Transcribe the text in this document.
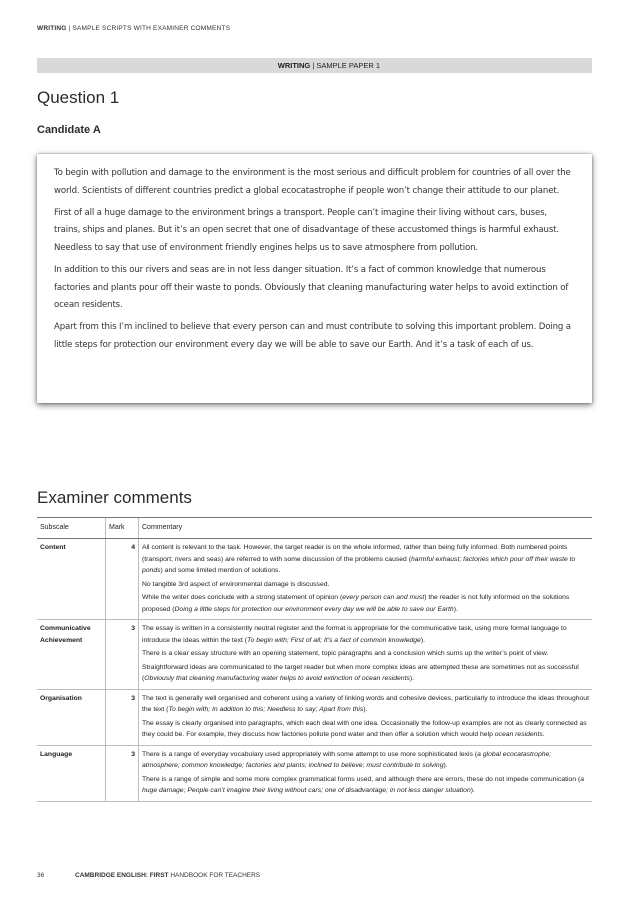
WRITING | SAMPLE SCRIPTS WITH EXAMINER COMMENTS
WRITING | SAMPLE PAPER 1
Question 1
Candidate A

To begin with pollution and damage to the environment is the most serious and difficult problem for countries of all over the world. Scientists of different countries predict a global ecocatastrophe if people won’t change their attitude to our planet.

First of all a huge damage to the environment brings a transport. People can’t imagine their living without cars, buses, trains, ships and planes. But it’s an open secret that one of disadvantage of these accustomed things is harmful exhaust. Needless to say that use of environment friendly engines helps us to save atmosphere from pollution.

In addition to this our rivers and seas are in not less danger situation. It’s a fact of common knowledge that numerous factories and plants pour off their waste to ponds. Obviously that cleaning manufacturing water helps to avoid extinction of ocean residents.

Apart from this I’m inclined to believe that every person can and must contribute to solving this important problem. Doing a little steps for protection our environment every day we will be able to save our Earth. And it’s a task of each of us.

Examiner comments
Subscale	Mark	Commentary
Content	4	All content is relevant to the task. However, the target reader is on the whole informed, rather than being fully informed. Both numbered points (transport; rivers and seas) are referred to with some discussion of the problems caused (harmful exhaust; factories which pour off their waste to ponds) and some limited mention of solutions.

No tangible 3rd aspect of environmental damage is discussed.

While the writer does conclude with a strong statement of opinion (every person can and must) the reader is not fully informed on the solutions proposed (Doing a little steps for protection our environment every day we will be able to save our Earth).

Communicative Achievement	3	The essay is written in a consistently neutral register and the format is appropriate for the communicative task, using more formal language to introduce the ideas within the text (To begin with; First of all; It’s a fact of common knowledge).

There is a clear essay structure with an opening statement, topic paragraphs and a conclusion which sums up the writer’s point of view.

Straightforward ideas are communicated to the target reader but when more complex ideas are attempted these are sometimes not as successful (Obviously that cleaning manufacturing water helps to avoid extinction of ocean residents).

Organisation	3	The text is generally well organised and coherent using a variety of linking words and cohesive devices, particularly to introduce the ideas throughout the text (To begin with; In addition to this; Needless to say; Apart from this).

The essay is clearly organised into paragraphs, which each deal with one idea. Occasionally the follow-up examples are not as clearly connected as they could be. For example, they discuss how factories pollute pond water and then offer a solution which would help ocean residents.

Language	3	There is a range of everyday vocabulary used appropriately with some attempt to use more sophisticated lexis (a global ecocatastrophe; atmosphere; common knowledge; factories and plants; inclined to believe; must contribute to solving).

There is a range of simple and some more complex grammatical forms used, and although there are errors, these do not impede communication (a huge damage; People can’t imagine their living without cars; one of disadvantage; in not less danger situation).

36	CAMBRIDGE ENGLISH: FIRST HANDBOOK FOR TEACHERS
